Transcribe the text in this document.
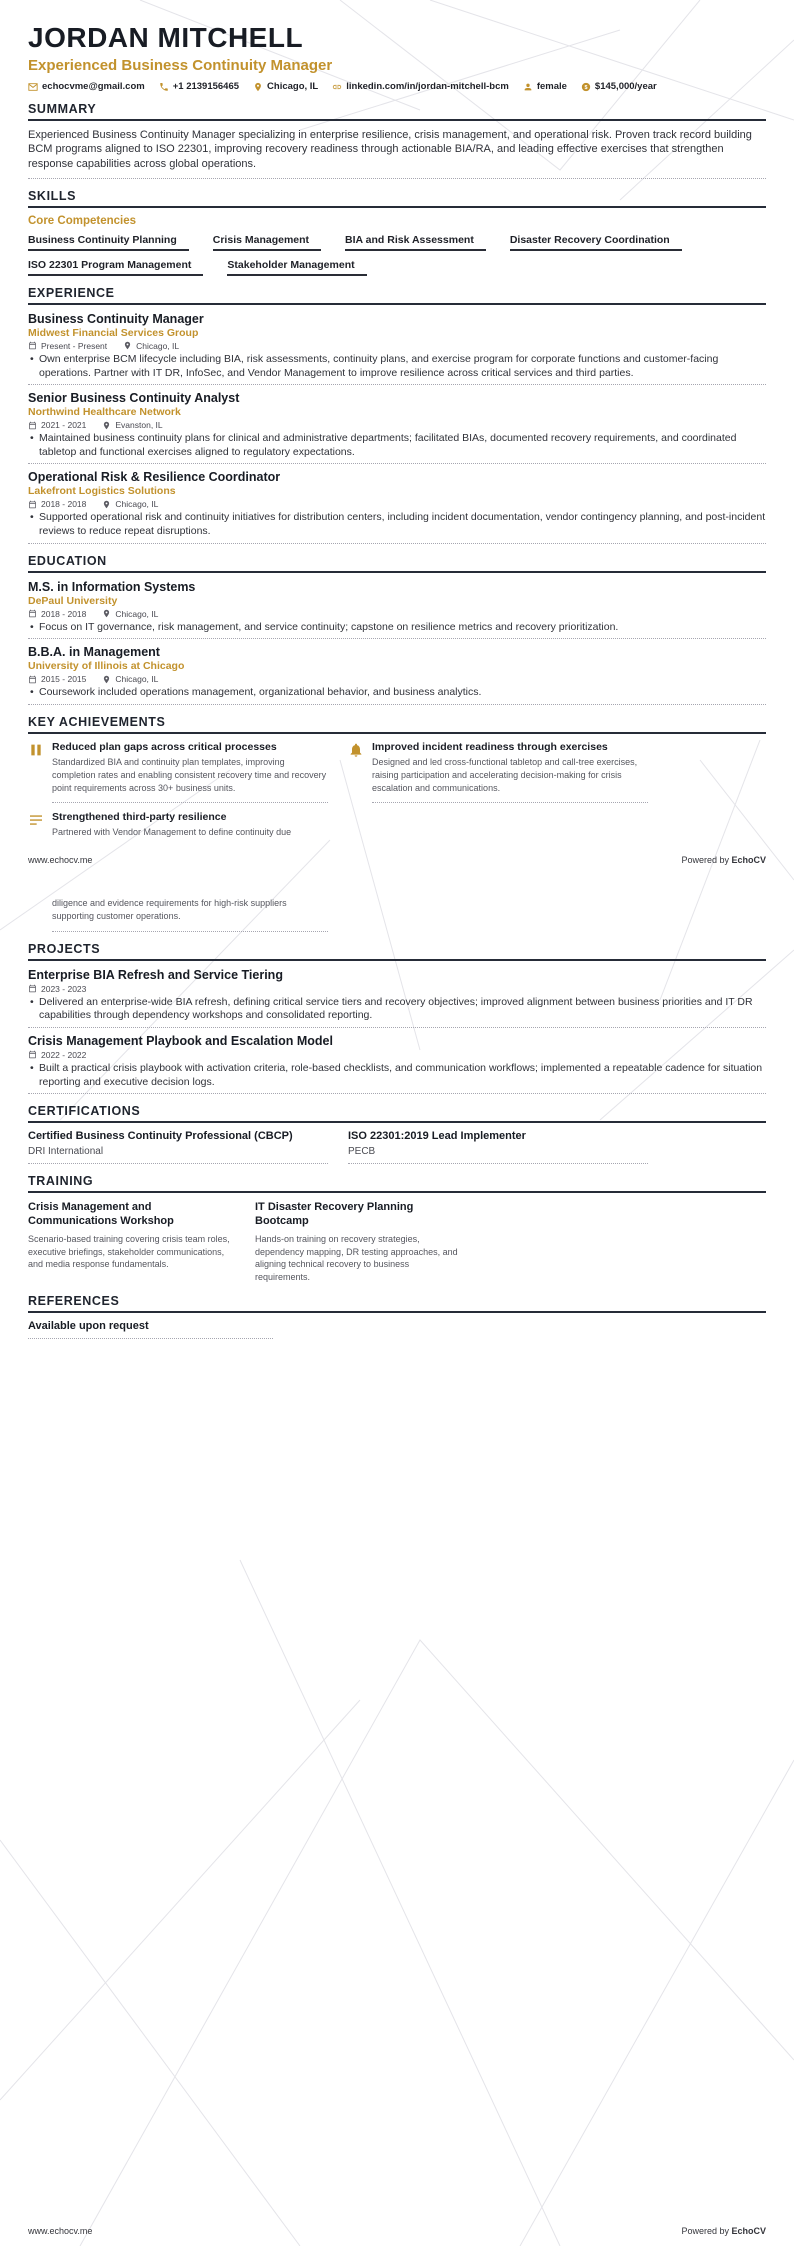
JORDAN MITCHELL
Experienced Business Continuity Manager
echocvme@gmail.com	+1 2139156465	Chicago, IL	linkedin.com/in/jordan-mitchell-bcm	female	$145,000/year
SUMMARY

Experienced Business Continuity Manager specializing in enterprise resilience, crisis management, and operational risk. Proven track record building BCM programs aligned to ISO 22301, improving recovery readiness through actionable BIA/RA, and leading effective exercises that strengthen response capabilities across global operations.

SKILLS
Core Competencies
Business Continuity Planning	Crisis Management	BIA and Risk Assessment	Disaster Recovery Coordination
ISO 22301 Program Management	Stakeholder Management
EXPERIENCE
Business Continuity Manager
Midwest Financial Services Group
Present - Present	Chicago, IL
• Own enterprise BCM lifecycle including BIA, risk assessments, continuity plans, and exercise program for corporate functions and customer-facing operations. Partner with IT DR, InfoSec, and Vendor Management to improve resilience across critical services and third parties.
Senior Business Continuity Analyst
Northwind Healthcare Network
2021 - 2021	Evanston, IL
• Maintained business continuity plans for clinical and administrative departments; facilitated BIAs, documented recovery requirements, and coordinated tabletop and functional exercises aligned to regulatory expectations.
Operational Risk & Resilience Coordinator
Lakefront Logistics Solutions
2018 - 2018	Chicago, IL
• Supported operational risk and continuity initiatives for distribution centers, including incident documentation, vendor contingency planning, and post-incident reviews to reduce repeat disruptions.
EDUCATION
M.S. in Information Systems
DePaul University
2018 - 2018	Chicago, IL
• Focus on IT governance, risk management, and service continuity; capstone on resilience metrics and recovery prioritization.
B.B.A. in Management
University of Illinois at Chicago
2015 - 2015	Chicago, IL
• Coursework included operations management, organizational behavior, and business analytics.
KEY ACHIEVEMENTS
Reduced plan gaps across critical processes
Standardized BIA and continuity plan templates, improving completion rates and enabling consistent recovery time and recovery point requirements across 30+ business units.
Improved incident readiness through exercises
Designed and led cross-functional tabletop and call-tree exercises, raising participation and accelerating decision-making for crisis escalation and communications.
Strengthened third-party resilience
Partnered with Vendor Management to define continuity due
www.echocv.me	Powered by EchoCV
diligence and evidence requirements for high-risk suppliers supporting customer operations.
PROJECTS
Enterprise BIA Refresh and Service Tiering
2023 - 2023
• Delivered an enterprise-wide BIA refresh, defining critical service tiers and recovery objectives; improved alignment between business priorities and IT DR capabilities through dependency workshops and consolidated reporting.
Crisis Management Playbook and Escalation Model
2022 - 2022
• Built a practical crisis playbook with activation criteria, role-based checklists, and communication workflows; implemented a repeatable cadence for situation reporting and executive decision logs.
CERTIFICATIONS
Certified Business Continuity Professional (CBCP)
DRI International
ISO 22301:2019 Lead Implementer
PECB
TRAINING
Crisis Management and Communications Workshop
Scenario-based training covering crisis team roles, executive briefings, stakeholder communications, and media response fundamentals.
IT Disaster Recovery Planning Bootcamp
Hands-on training on recovery strategies, dependency mapping, DR testing approaches, and aligning technical recovery to business requirements.
REFERENCES
Available upon request
www.echocv.me	Powered by EchoCV
